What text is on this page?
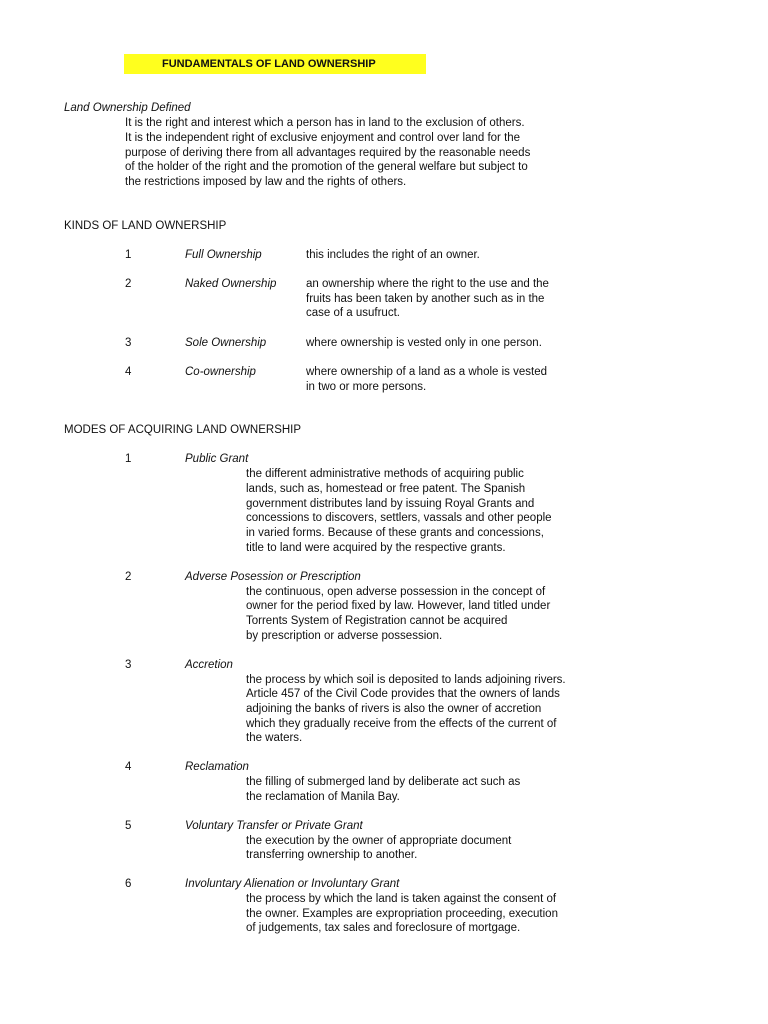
FUNDAMENTALS OF LAND OWNERSHIP
Land Ownership Defined
It is the right and interest which a person has in land to the exclusion of others.
It is the independent right of exclusive enjoyment and control over land for the
purpose of deriving there from all advantages required by the reasonable needs
of the holder of the right and the promotion of the general welfare but subject to
the restrictions imposed by law and the rights of others.
KINDS OF LAND OWNERSHIP
1	Full Ownership	this includes the right of an owner.
2	Naked Ownership	an ownership where the right to the use and the
fruits has been taken by another such as in the
case of a usufruct.
3	Sole Ownership	where ownership is vested only in one person.
4	Co-ownership	where ownership of a land as a whole is vested
in two or more persons.
MODES OF ACQUIRING LAND OWNERSHIP
1	Public Grant
the different administrative methods of acquiring public
lands, such as, homestead or free patent. The Spanish
government distributes land by issuing Royal Grants and
concessions to discovers, settlers, vassals and other people
in varied forms. Because of these grants and concessions,
title to land were acquired by the respective grants.
2	Adverse Posession or Prescription
the continuous, open adverse possession in the concept of
owner for the period fixed by law. However, land titled under
Torrents System of Registration cannot be acquired
by prescription or adverse possession.
3	Accretion
the process by which soil is deposited to lands adjoining rivers.
Article 457 of the Civil Code provides that the owners of lands
adjoining the banks of rivers is also the owner of accretion
which they gradually receive from the effects of the current of
the waters.
4	Reclamation
the filling of submerged land by deliberate act such as
the reclamation of Manila Bay.
5	Voluntary Transfer or Private Grant
the execution by the owner of appropriate document
transferring ownership to another.
6	Involuntary Alienation or Involuntary Grant
the process by which the land is taken against the consent of
the owner. Examples are expropriation proceeding, execution
of judgements, tax sales and foreclosure of mortgage.
